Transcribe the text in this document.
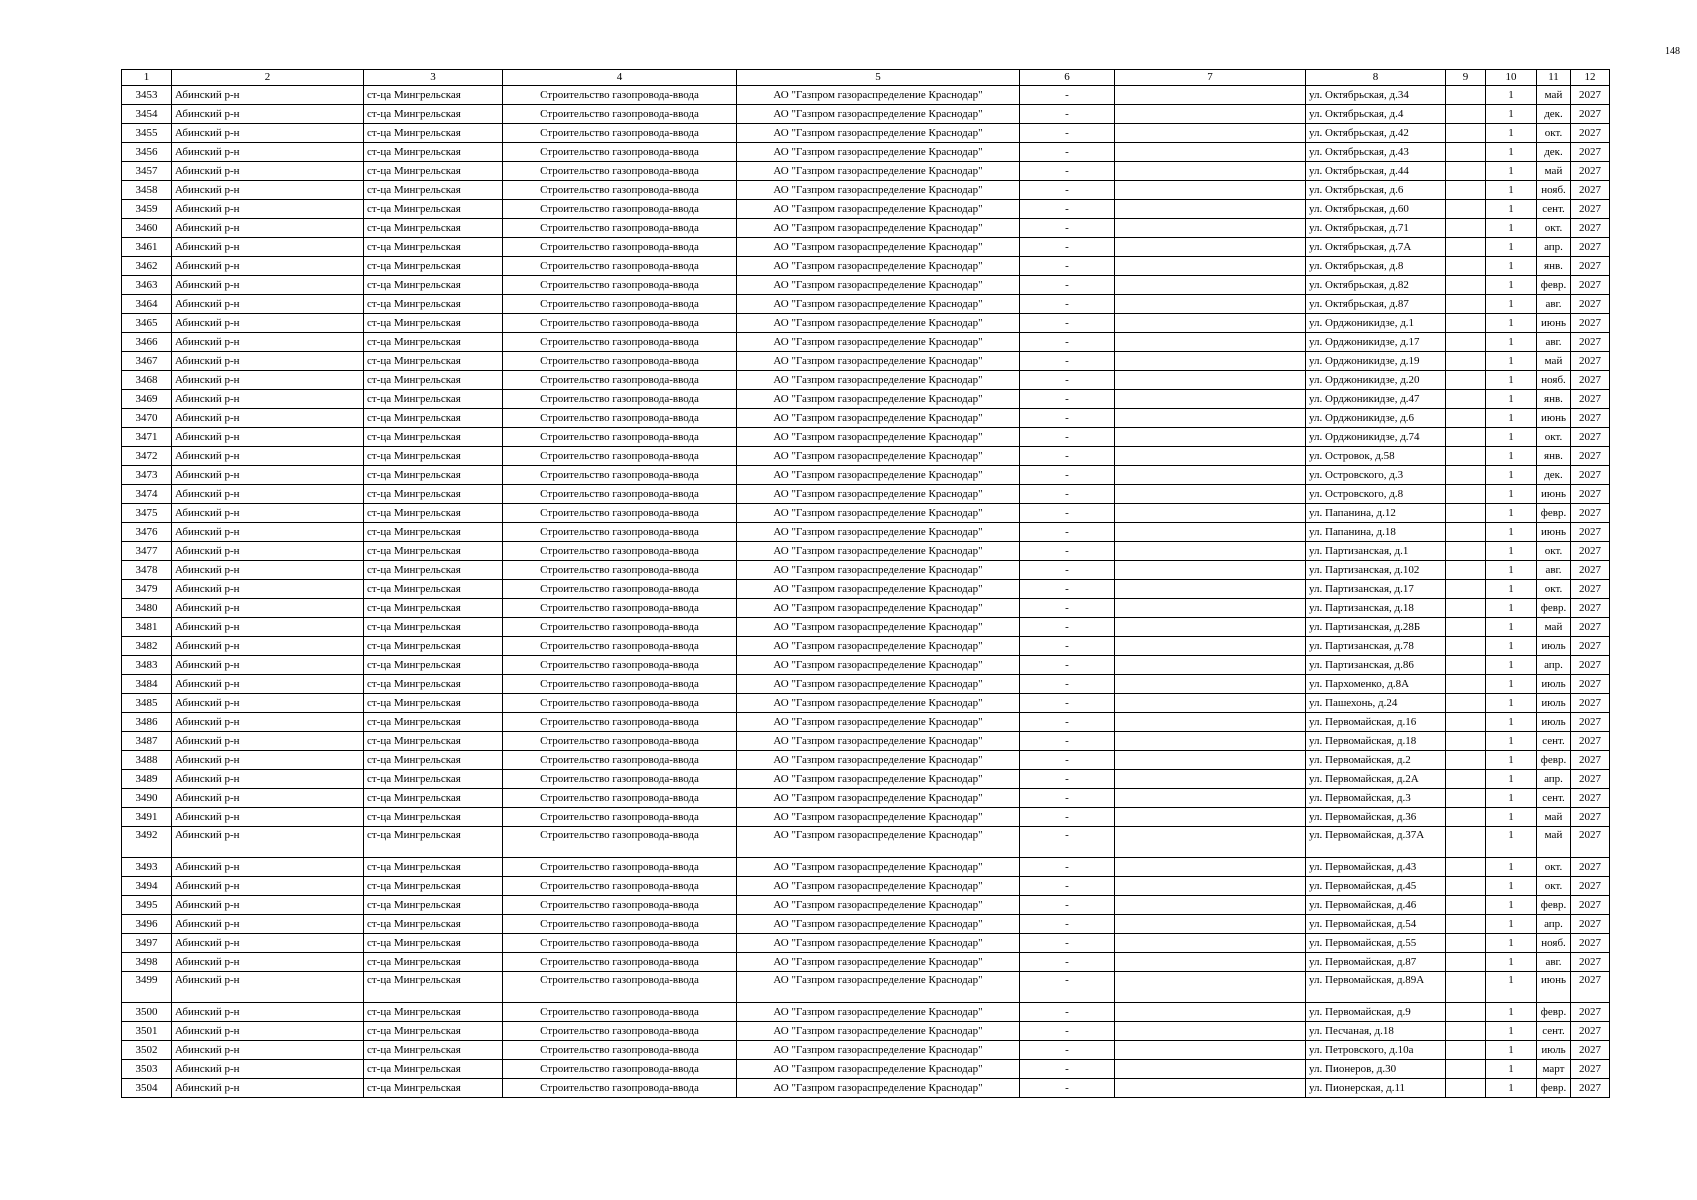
148
1	2	3	4	5	6	7	8	9	10	11	12
3453	Абинский р-н	ст-ца Мингрельская	Строительство газопровода-ввода	АО "Газпром газораспределение Краснодар"	-		ул. Октябрьская, д.34		1	май	2027
3454	Абинский р-н	ст-ца Мингрельская	Строительство газопровода-ввода	АО "Газпром газораспределение Краснодар"	-		ул. Октябрьская, д.4		1	дек.	2027
3455	Абинский р-н	ст-ца Мингрельская	Строительство газопровода-ввода	АО "Газпром газораспределение Краснодар"	-		ул. Октябрьская, д.42		1	окт.	2027
3456	Абинский р-н	ст-ца Мингрельская	Строительство газопровода-ввода	АО "Газпром газораспределение Краснодар"	-		ул. Октябрьская, д.43		1	дек.	2027
3457	Абинский р-н	ст-ца Мингрельская	Строительство газопровода-ввода	АО "Газпром газораспределение Краснодар"	-		ул. Октябрьская, д.44		1	май	2027
3458	Абинский р-н	ст-ца Мингрельская	Строительство газопровода-ввода	АО "Газпром газораспределение Краснодар"	-		ул. Октябрьская, д.6		1	нояб.	2027
3459	Абинский р-н	ст-ца Мингрельская	Строительство газопровода-ввода	АО "Газпром газораспределение Краснодар"	-		ул. Октябрьская, д.60		1	сент.	2027
3460	Абинский р-н	ст-ца Мингрельская	Строительство газопровода-ввода	АО "Газпром газораспределение Краснодар"	-		ул. Октябрьская, д.71		1	окт.	2027
3461	Абинский р-н	ст-ца Мингрельская	Строительство газопровода-ввода	АО "Газпром газораспределение Краснодар"	-		ул. Октябрьская, д.7А		1	апр.	2027
3462	Абинский р-н	ст-ца Мингрельская	Строительство газопровода-ввода	АО "Газпром газораспределение Краснодар"	-		ул. Октябрьская, д.8		1	янв.	2027
3463	Абинский р-н	ст-ца Мингрельская	Строительство газопровода-ввода	АО "Газпром газораспределение Краснодар"	-		ул. Октябрьская, д.82		1	февр.	2027
3464	Абинский р-н	ст-ца Мингрельская	Строительство газопровода-ввода	АО "Газпром газораспределение Краснодар"	-		ул. Октябрьская, д.87		1	авг.	2027
3465	Абинский р-н	ст-ца Мингрельская	Строительство газопровода-ввода	АО "Газпром газораспределение Краснодар"	-		ул. Орджоникидзе, д.1		1	июнь	2027
3466	Абинский р-н	ст-ца Мингрельская	Строительство газопровода-ввода	АО "Газпром газораспределение Краснодар"	-		ул. Орджоникидзе, д.17		1	авг.	2027
3467	Абинский р-н	ст-ца Мингрельская	Строительство газопровода-ввода	АО "Газпром газораспределение Краснодар"	-		ул. Орджоникидзе, д.19		1	май	2027
3468	Абинский р-н	ст-ца Мингрельская	Строительство газопровода-ввода	АО "Газпром газораспределение Краснодар"	-		ул. Орджоникидзе, д.20		1	нояб.	2027
3469	Абинский р-н	ст-ца Мингрельская	Строительство газопровода-ввода	АО "Газпром газораспределение Краснодар"	-		ул. Орджоникидзе, д.47		1	янв.	2027
3470	Абинский р-н	ст-ца Мингрельская	Строительство газопровода-ввода	АО "Газпром газораспределение Краснодар"	-		ул. Орджоникидзе, д.6		1	июнь	2027
3471	Абинский р-н	ст-ца Мингрельская	Строительство газопровода-ввода	АО "Газпром газораспределение Краснодар"	-		ул. Орджоникидзе, д.74		1	окт.	2027
3472	Абинский р-н	ст-ца Мингрельская	Строительство газопровода-ввода	АО "Газпром газораспределение Краснодар"	-		ул. Островок, д.58		1	янв.	2027
3473	Абинский р-н	ст-ца Мингрельская	Строительство газопровода-ввода	АО "Газпром газораспределение Краснодар"	-		ул. Островского, д.3		1	дек.	2027
3474	Абинский р-н	ст-ца Мингрельская	Строительство газопровода-ввода	АО "Газпром газораспределение Краснодар"	-		ул. Островского, д.8		1	июнь	2027
3475	Абинский р-н	ст-ца Мингрельская	Строительство газопровода-ввода	АО "Газпром газораспределение Краснодар"	-		ул. Папанина, д.12		1	февр.	2027
3476	Абинский р-н	ст-ца Мингрельская	Строительство газопровода-ввода	АО "Газпром газораспределение Краснодар"	-		ул. Папанина, д.18		1	июнь	2027
3477	Абинский р-н	ст-ца Мингрельская	Строительство газопровода-ввода	АО "Газпром газораспределение Краснодар"	-		ул. Партизанская, д.1		1	окт.	2027
3478	Абинский р-н	ст-ца Мингрельская	Строительство газопровода-ввода	АО "Газпром газораспределение Краснодар"	-		ул. Партизанская, д.102		1	авг.	2027
3479	Абинский р-н	ст-ца Мингрельская	Строительство газопровода-ввода	АО "Газпром газораспределение Краснодар"	-		ул. Партизанская, д.17		1	окт.	2027
3480	Абинский р-н	ст-ца Мингрельская	Строительство газопровода-ввода	АО "Газпром газораспределение Краснодар"	-		ул. Партизанская, д.18		1	февр.	2027
3481	Абинский р-н	ст-ца Мингрельская	Строительство газопровода-ввода	АО "Газпром газораспределение Краснодар"	-		ул. Партизанская, д.28Б		1	май	2027
3482	Абинский р-н	ст-ца Мингрельская	Строительство газопровода-ввода	АО "Газпром газораспределение Краснодар"	-		ул. Партизанская, д.78		1	июль	2027
3483	Абинский р-н	ст-ца Мингрельская	Строительство газопровода-ввода	АО "Газпром газораспределение Краснодар"	-		ул. Партизанская, д.86		1	апр.	2027
3484	Абинский р-н	ст-ца Мингрельская	Строительство газопровода-ввода	АО "Газпром газораспределение Краснодар"	-		ул. Пархоменко, д.8А		1	июль	2027
3485	Абинский р-н	ст-ца Мингрельская	Строительство газопровода-ввода	АО "Газпром газораспределение Краснодар"	-		ул. Пашехонь, д.24		1	июль	2027
3486	Абинский р-н	ст-ца Мингрельская	Строительство газопровода-ввода	АО "Газпром газораспределение Краснодар"	-		ул. Первомайская, д.16		1	июль	2027
3487	Абинский р-н	ст-ца Мингрельская	Строительство газопровода-ввода	АО "Газпром газораспределение Краснодар"	-		ул. Первомайская, д.18		1	сент.	2027
3488	Абинский р-н	ст-ца Мингрельская	Строительство газопровода-ввода	АО "Газпром газораспределение Краснодар"	-		ул. Первомайская, д.2		1	февр.	2027
3489	Абинский р-н	ст-ца Мингрельская	Строительство газопровода-ввода	АО "Газпром газораспределение Краснодар"	-		ул. Первомайская, д.2А		1	апр.	2027
3490	Абинский р-н	ст-ца Мингрельская	Строительство газопровода-ввода	АО "Газпром газораспределение Краснодар"	-		ул. Первомайская, д.3		1	сент.	2027
3491	Абинский р-н	ст-ца Мингрельская	Строительство газопровода-ввода	АО "Газпром газораспределение Краснодар"	-		ул. Первомайская, д.36		1	май	2027
3492	Абинский р-н	ст-ца Мингрельская	Строительство газопровода-ввода	АО "Газпром газораспределение Краснодар"	-		ул. Первомайская, д.37А		1	май	2027
3493	Абинский р-н	ст-ца Мингрельская	Строительство газопровода-ввода	АО "Газпром газораспределение Краснодар"	-		ул. Первомайская, д.43		1	окт.	2027
3494	Абинский р-н	ст-ца Мингрельская	Строительство газопровода-ввода	АО "Газпром газораспределение Краснодар"	-		ул. Первомайская, д.45		1	окт.	2027
3495	Абинский р-н	ст-ца Мингрельская	Строительство газопровода-ввода	АО "Газпром газораспределение Краснодар"	-		ул. Первомайская, д.46		1	февр.	2027
3496	Абинский р-н	ст-ца Мингрельская	Строительство газопровода-ввода	АО "Газпром газораспределение Краснодар"	-		ул. Первомайская, д.54		1	апр.	2027
3497	Абинский р-н	ст-ца Мингрельская	Строительство газопровода-ввода	АО "Газпром газораспределение Краснодар"	-		ул. Первомайская, д.55		1	нояб.	2027
3498	Абинский р-н	ст-ца Мингрельская	Строительство газопровода-ввода	АО "Газпром газораспределение Краснодар"	-		ул. Первомайская, д.87		1	авг.	2027
3499	Абинский р-н	ст-ца Мингрельская	Строительство газопровода-ввода	АО "Газпром газораспределение Краснодар"	-		ул. Первомайская, д.89А		1	июнь	2027
3500	Абинский р-н	ст-ца Мингрельская	Строительство газопровода-ввода	АО "Газпром газораспределение Краснодар"	-		ул. Первомайская, д.9		1	февр.	2027
3501	Абинский р-н	ст-ца Мингрельская	Строительство газопровода-ввода	АО "Газпром газораспределение Краснодар"	-		ул. Песчаная, д.18		1	сент.	2027
3502	Абинский р-н	ст-ца Мингрельская	Строительство газопровода-ввода	АО "Газпром газораспределение Краснодар"	-		ул. Петровского, д.10а		1	июль	2027
3503	Абинский р-н	ст-ца Мингрельская	Строительство газопровода-ввода	АО "Газпром газораспределение Краснодар"	-		ул. Пионеров, д.30		1	март	2027
3504	Абинский р-н	ст-ца Мингрельская	Строительство газопровода-ввода	АО "Газпром газораспределение Краснодар"	-		ул. Пионерская, д.11		1	февр.	2027
